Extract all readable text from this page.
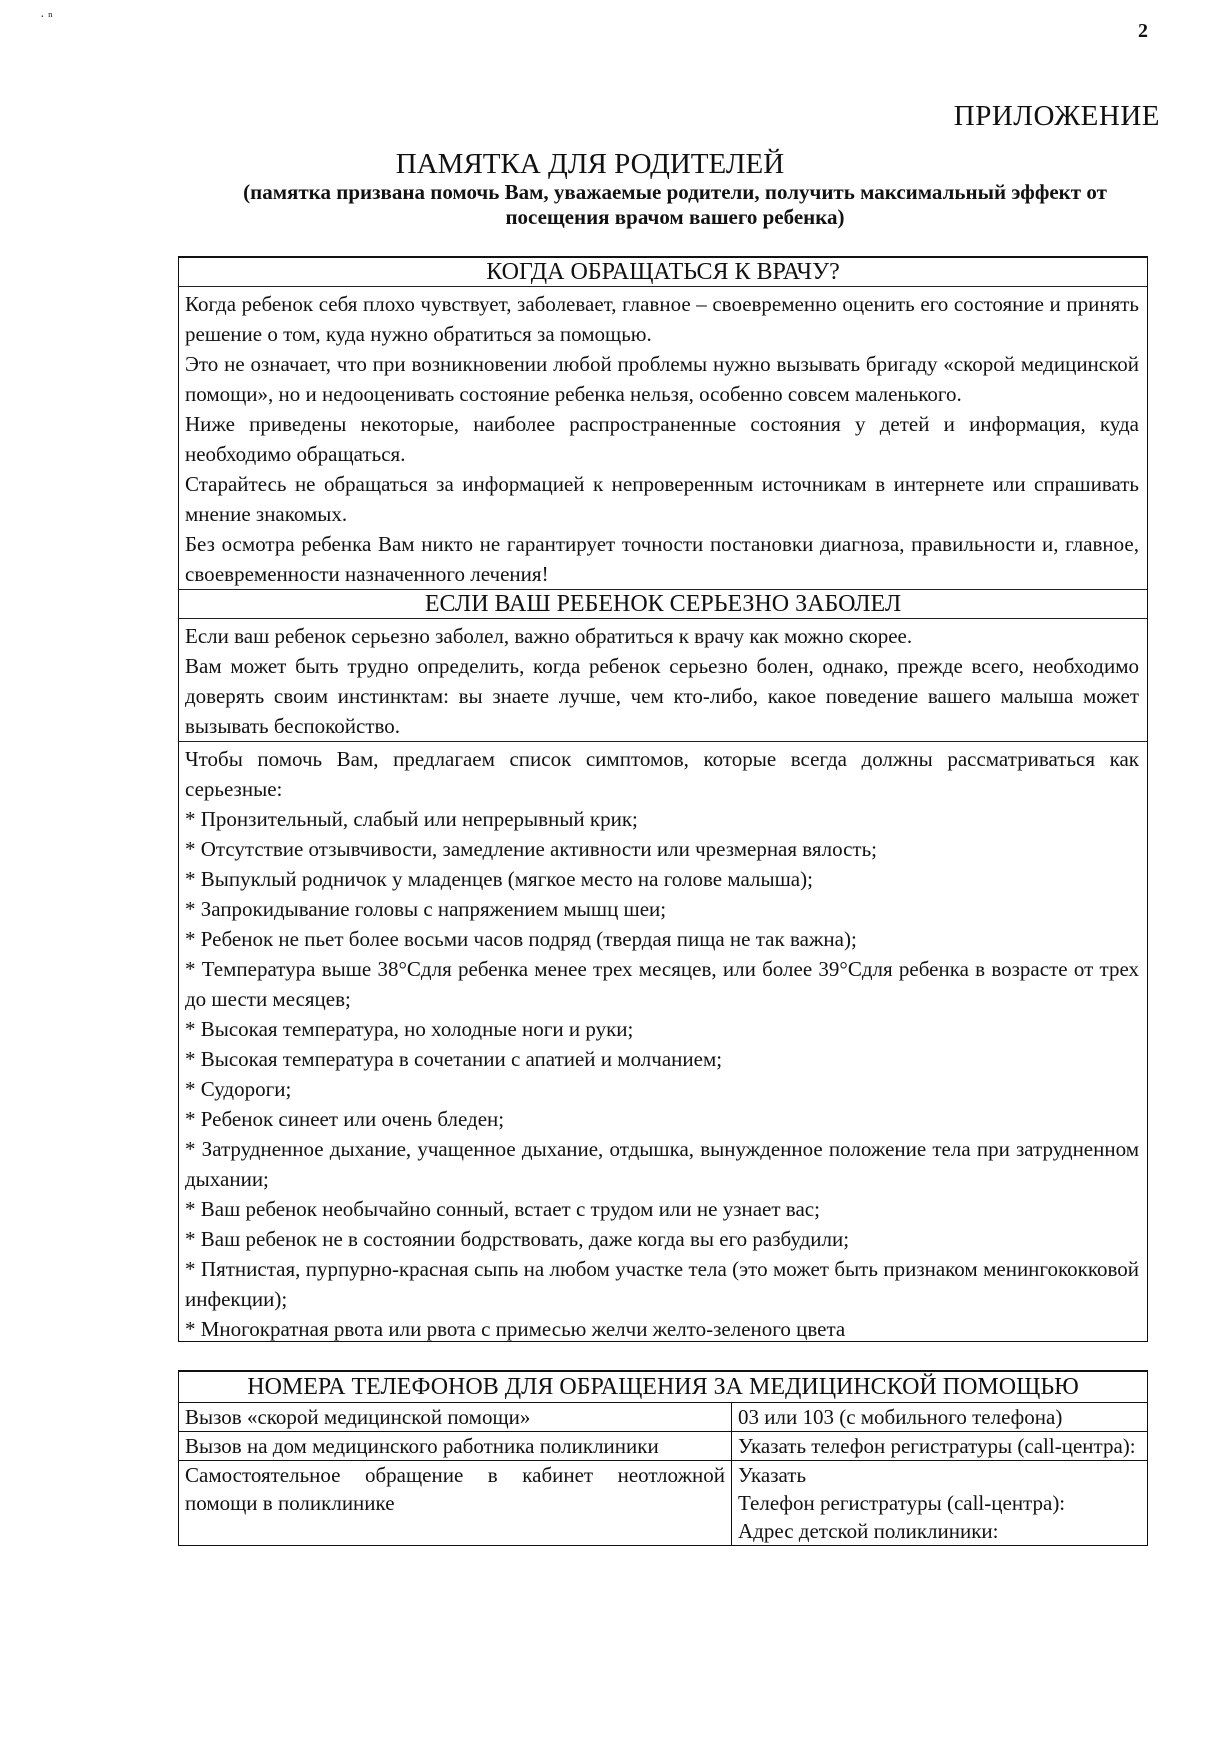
· ⁿ
2
ПРИЛОЖЕНИЕ
ПАМЯТКА ДЛЯ РОДИТЕЛЕЙ
(памятка призвана помочь Вам, уважаемые родители, получить максимальный эффект от посещения врачом вашего ребенка)
КОГДА ОБРАЩАТЬСЯ К ВРАЧУ?

Когда ребенок себя плохо чувствует, заболевает, главное – своевременно оценить его состояние и принять решение о том, куда нужно обратиться за помощью.

Это не означает, что при возникновении любой проблемы нужно вызывать бригаду «скорой медицинской помощи», но и недооценивать состояние ребенка нельзя, особенно совсем маленького.

Ниже приведены некоторые, наиболее распространенные состояния у детей и информация, куда необходимо обращаться.

Старайтесь не обращаться за информацией к непроверенным источникам в интернете или спрашивать мнение знакомых.

Без осмотра ребенка Вам никто не гарантирует точности постановки диагноза, правильности и, главное, своевременности назначенного лечения!

ЕСЛИ ВАШ РЕБЕНОК СЕРЬЕЗНО ЗАБОЛЕЛ

Если ваш ребенок серьезно заболел, важно обратиться к врачу как можно скорее.

Вам может быть трудно определить, когда ребенок серьезно болен, однако, прежде всего, необходимо доверять своим инстинктам: вы знаете лучше, чем кто-либо, какое поведение вашего малыша может вызывать беспокойство.

Чтобы помочь Вам, предлагаем список симптомов, которые всегда должны рассматриваться как серьезные:

* Пронзительный, слабый или непрерывный крик;

* Отсутствие отзывчивости, замедление активности или чрезмерная вялость;

* Выпуклый родничок у младенцев (мягкое место на голове малыша);

* Запрокидывание головы с напряжением мышц шеи;

* Ребенок не пьет более восьми часов подряд (твердая пища не так важна);

* Температура выше 38°Сдля ребенка менее трех месяцев, или более 39°Сдля ребенка в возрасте от трех до шести месяцев;

* Высокая температура, но холодные ноги и руки;

* Высокая температура в сочетании с апатией и молчанием;

* Судороги;

* Ребенок синеет или очень бледен;

* Затрудненное дыхание, учащенное дыхание, отдышка, вынужденное положение тела при затрудненном дыхании;

* Ваш ребенок необычайно сонный, встает с трудом или не узнает вас;

* Ваш ребенок не в состоянии бодрствовать, даже когда вы его разбудили;

* Пятнистая, пурпурно-красная сыпь на любом участке тела (это может быть признаком менингококковой инфекции);

* Многократная рвота или рвота с примесью желчи желто-зеленого цвета

НОМЕРА ТЕЛЕФОНОВ ДЛЯ ОБРАЩЕНИЯ ЗА МЕДИЦИНСКОЙ ПОМОЩЬЮ	
Вызов «скорой медицинской помощи»	03 или 103 (с мобильного телефона)

Вызов на дом медицинского работника поликлиники	Указать телефон регистратуры (call-центра):

Самостоятельное обращение в кабинет неотложной помощи в поликлинике	Указать
Телефон регистратуры (call-центра):
Адрес детской поликлиники:
